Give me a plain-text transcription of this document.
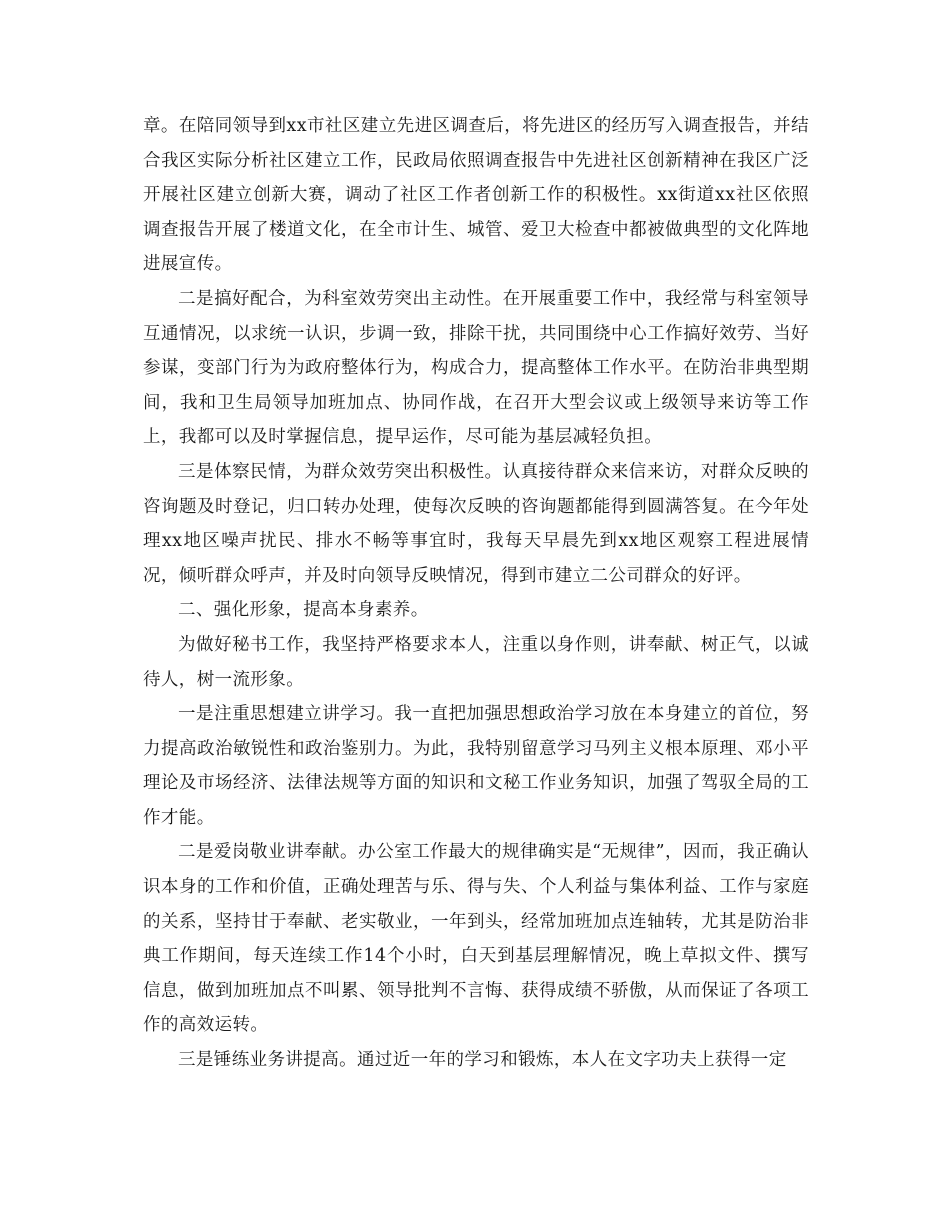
章。在陪同领导到xx市社区建立先进区调查后，将先进区的经历写入调查报告，并结合我区实际分析社区建立工作，民政局依照调查报告中先进社区创新精神在我区广泛开展社区建立创新大赛，调动了社区工作者创新工作的积极性。xx街道xx社区依照调查报告开展了楼道文化，在全市计生、城管、爱卫大检查中都被做典型的文化阵地进展宣传。

二是搞好配合，为科室效劳突出主动性。在开展重要工作中，我经常与科室领导互通情况，以求统一认识，步调一致，排除干扰，共同围绕中心工作搞好效劳、当好参谋，变部门行为为政府整体行为，构成合力，提高整体工作水平。在防治非典型期间，我和卫生局领导加班加点、协同作战，在召开大型会议或上级领导来访等工作上，我都可以及时掌握信息，提早运作，尽可能为基层减轻负担。

三是体察民情，为群众效劳突出积极性。认真接待群众来信来访，对群众反映的咨询题及时登记，归口转办处理，使每次反映的咨询题都能得到圆满答复。在今年处理xx地区噪声扰民、排水不畅等事宜时，我每天早晨先到xx地区观察工程进展情况，倾听群众呼声，并及时向领导反映情况，得到市建立二公司群众的好评。

二、强化形象，提高本身素养。

为做好秘书工作，我坚持严格要求本人，注重以身作则，讲奉献、树正气，以诚待人，树一流形象。

一是注重思想建立讲学习。我一直把加强思想政治学习放在本身建立的首位，努力提高政治敏锐性和政治鉴别力。为此，我特别留意学习马列主义根本原理、邓小平理论及市场经济、法律法规等方面的知识和文秘工作业务知识，加强了驾驭全局的工作才能。

二是爱岗敬业讲奉献。办公室工作最大的规律确实是“无规律”，因而，我正确认识本身的工作和价值，正确处理苦与乐、得与失、个人利益与集体利益、工作与家庭的关系，坚持甘于奉献、老实敬业，一年到头，经常加班加点连轴转，尤其是防治非典工作期间，每天连续工作14个小时，白天到基层理解情况，晚上草拟文件、撰写信息，做到加班加点不叫累、领导批判不言悔、获得成绩不骄傲，从而保证了各项工作的高效运转。

三是锤练业务讲提高。通过近一年的学习和锻炼，本人在文字功夫上获得一定
